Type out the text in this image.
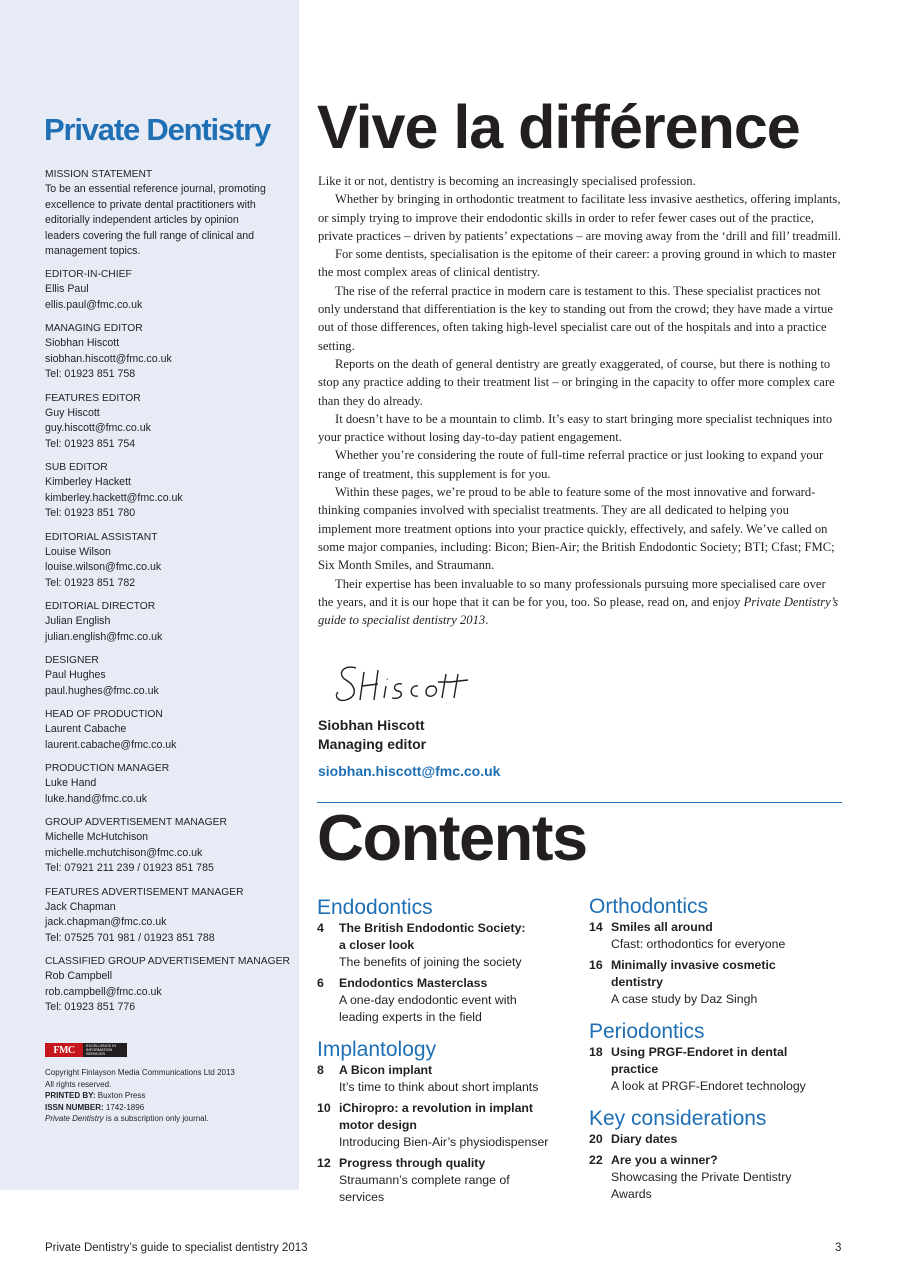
Private Dentistry
MISSION STATEMENT
To be an essential reference journal, promoting
excellence to private dental practitioners with
editorially independent articles by opinion
leaders covering the full range of clinical and
management topics.
EDITOR-IN-CHIEF
Ellis Paul
ellis.paul@fmc.co.uk
MANAGING EDITOR
Siobhan Hiscott
siobhan.hiscott@fmc.co.uk
Tel: 01923 851 758
FEATURES EDITOR
Guy Hiscott
guy.hiscott@fmc.co.uk
Tel: 01923 851 754
SUB EDITOR
Kimberley Hackett
kimberley.hackett@fmc.co.uk
Tel: 01923 851 780
EDITORIAL ASSISTANT
Louise Wilson
louise.wilson@fmc.co.uk
Tel: 01923 851 782
EDITORIAL DIRECTOR
Julian English
julian.english@fmc.co.uk
DESIGNER
Paul Hughes
paul.hughes@fmc.co.uk
HEAD OF PRODUCTION
Laurent Cabache
laurent.cabache@fmc.co.uk
PRODUCTION MANAGER
Luke Hand
luke.hand@fmc.co.uk
GROUP ADVERTISEMENT MANAGER
Michelle McHutchison
michelle.mchutchison@fmc.co.uk
Tel: 07921 211 239 / 01923 851 785
FEATURES ADVERTISEMENT MANAGER
Jack Chapman
jack.chapman@fmc.co.uk
Tel: 07525 701 981 / 01923 851 788
CLASSIFIED GROUP ADVERTISEMENT MANAGER
Rob Campbell
rob.campbell@fmc.co.uk
Tel: 01923 851 776
FMC	EXCELLENCE IN
INFORMATION
SERVICES
Copyright Finlayson Media Communications Ltd 2013
All rights reserved.
PRINTED BY: Buxton Press
ISSN NUMBER: 1742-1896
Private Dentistry is a subscription only journal.
Vive la différence

Like it or not, dentistry is becoming an increasingly specialised profession.

Whether by bringing in orthodontic treatment to facilitate less invasive aesthetics, offering implants, or simply trying to improve their endodontic skills in order to refer fewer cases out of the practice, private practices – driven by patients’ expectations – are moving away from the ‘drill and fill’ treadmill.

For some dentists, specialisation is the epitome of their career: a proving ground in which to master the most complex areas of clinical dentistry.

The rise of the referral practice in modern care is testament to this. These specialist practices not only understand that differentiation is the key to standing out from the crowd; they have made a virtue out of those differences, often taking high-level specialist care out of the hospitals and into a practice setting.

Reports on the death of general dentistry are greatly exaggerated, of course, but there is nothing to stop any practice adding to their treatment list – or bringing in the capacity to offer more complex care than they do already.

It doesn’t have to be a mountain to climb. It’s easy to start bringing more specialist techniques into your practice without losing day-to-day patient engagement.

Whether you’re considering the route of full-time referral practice or just looking to expand your range of treatment, this supplement is for you.

Within these pages, we’re proud to be able to feature some of the most innovative and forward-thinking companies involved with specialist treatments. They are all dedicated to helping you implement more treatment options into your practice quickly, effectively, and safely. We’ve called on some major companies, including: Bicon; Bien-Air; the British Endodontic Society; BTI; Cfast; FMC; Six Month Smiles, and Straumann.

Their expertise has been invaluable to so many professionals pursuing more specialised care over the years, and it is our hope that it can be for you, too. So please, read on, and enjoy Private Dentistry’s guide to specialist dentistry 2013.

Siobhan Hiscott
Managing editor
siobhan.hiscott@fmc.co.uk
Contents
Endodontics
4	The British Endodontic Society:
a closer look
The benefits of joining the society
6	Endodontics Masterclass
A one-day endodontic event with
leading experts in the field
Implantology
8	A Bicon implant
It’s time to think about short implants
10 iChiropro: a revolution in implant
motor design
Introducing Bien-Air’s physiodispenser
12 Progress through quality
Straumann’s complete range of
services
Orthodontics
14 Smiles all around
Cfast: orthodontics for everyone
16 Minimally invasive cosmetic
dentistry
A case study by Daz Singh
Periodontics
18 Using PRGF-Endoret in dental
practice
A look at PRGF-Endoret technology
Key considerations
20 Diary dates
22 Are you a winner?
Showcasing the Private Dentistry
Awards
Private Dentistry’s guide to specialist dentistry 2013	3
